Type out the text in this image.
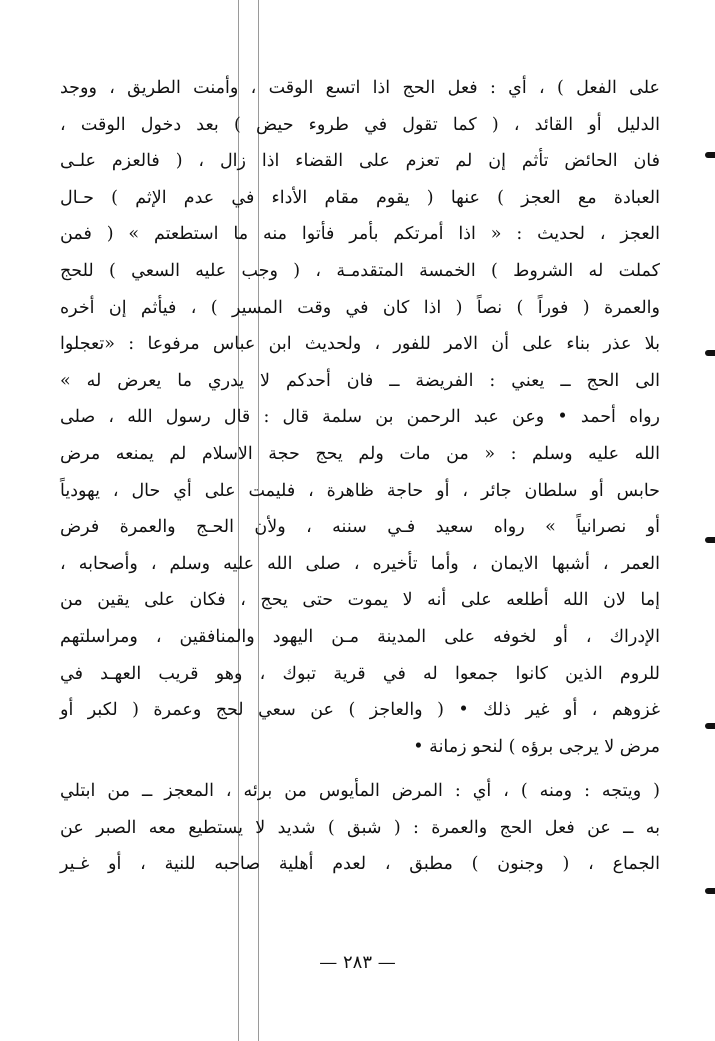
على الفعل ) ، أي : فعل الحج اذا اتسع الوقت ، وأمنت الطريق ، ووجد
الدليل أو القائد ، ( كما تقول في طروء حيض ) بعد دخول الوقت ،
فان الحائض تأثم إن لم تعزم على القضاء اذا زال ، ( فالعزم علـى
العبادة مع العجز ) عنها ( يقوم مقام الأداء في عدم الإثم ) حـال
العجز ، لحديث : « اذا أمرتكم بأمر فأتوا منه ما استطعتم » ( فمن
كملت له الشروط ) الخمسة المتقدمـة ، ( وجب عليه السعي ) للحج
والعمرة ( فوراً ) نصاً ( اذا كان في وقت المسير ) ، فيأثم إن أخره
بلا عذر بناء على أن الامر للفور ، ولحديث ابن عباس مرفوعا : «تعجلوا
الى الحج ــ يعني : الفريضة ــ فان أحدكم لا يدري ما يعرض له »
رواه أحمد • وعن عبد الرحمن بن سلمة قال : قال رسول الله ، صلى
الله عليه وسلم : « من مات ولم يحج حجة الاسلام لم يمنعه مرض
حابس أو سلطان جائر ، أو حاجة ظاهرة ، فليمت على أي حال ، يهودياً
أو نصرانياً » رواه سعيد فـي سننه ، ولأن الحـج والعمرة فرض
العمر ، أشبها الايمان ، وأما تأخيره ، صلى الله عليه وسلم ، وأصحابه ،
إما لان الله أطلعه على أنه لا يموت حتى يحج ، فكان على يقين من
الإدراك ، أو لخوفه على المدينة مـن اليهود والمنافقين ، ومراسلتهم
للروم الذين كانوا جمعوا له في قرية تبوك ، وهو قريب العهـد في
غزوهم ، أو غير ذلك • ( والعاجز ) عن سعي لحج وعمرة ( لكبر أو
مرض لا يرجى برؤه ) لنحو زمانة •
( ويتجه : ومنه ) ، أي : المرض المأيوس من برئه ، المعجز ــ من ابتلي
به ــ عن فعل الحج والعمرة : ( شبق ) شديد لا يستطيع معه الصبر عن
الجماع ، ( وجنون ) مطبق ، لعدم أهلية صاحبه للنية ، أو غـير
— ٢٨٣ —
